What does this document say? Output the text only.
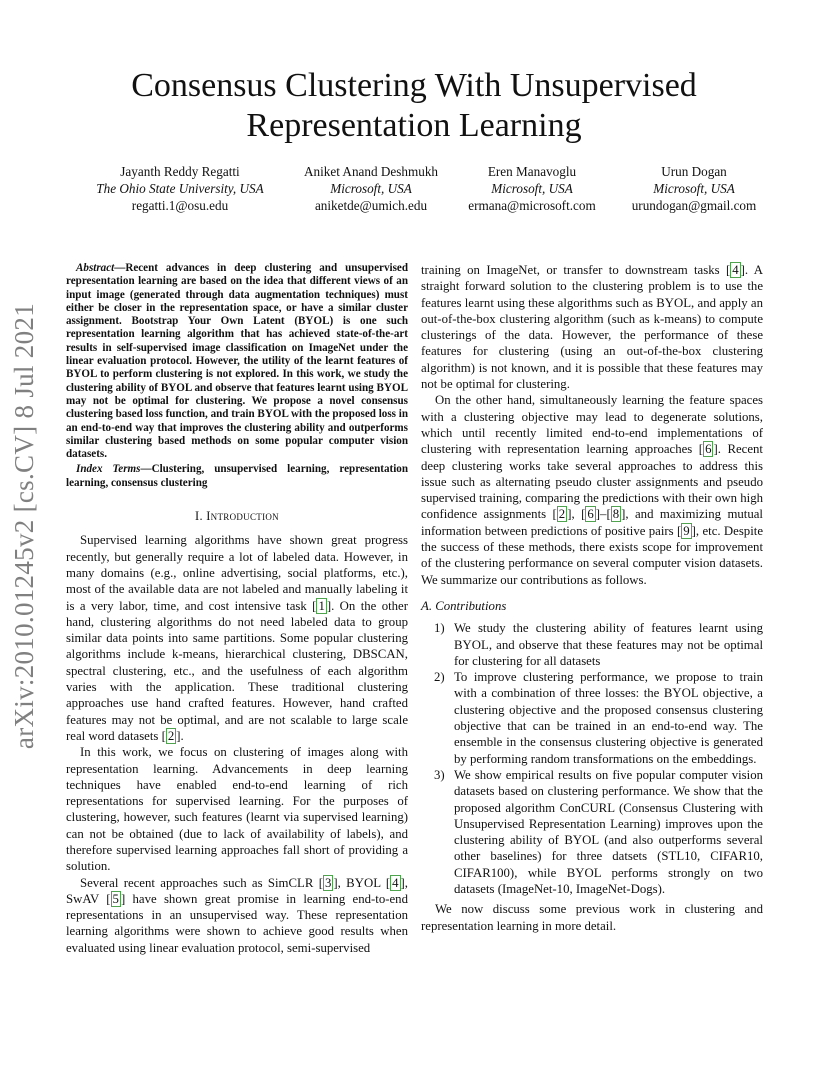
arXiv:2010.01245v2 [cs.CV] 8 Jul 2021
Consensus Clustering With Unsupervised
Representation Learning
Jayanth Reddy Regatti
The Ohio State University, USA
regatti.1@osu.edu
Aniket Anand Deshmukh
Microsoft, USA
aniketde@umich.edu
Eren Manavoglu
Microsoft, USA
ermana@microsoft.com
Urun Dogan
Microsoft, USA
urundogan@gmail.com

Abstract—Recent advances in deep clustering and unsupervised representation learning are based on the idea that different views of an input image (generated through data augmentation techniques) must either be closer in the representation space, or have a similar cluster assignment. Bootstrap Your Own Latent (BYOL) is one such representation learning algorithm that has achieved state-of-the-art results in self-supervised image classification on ImageNet under the linear evaluation protocol. However, the utility of the learnt features of BYOL to perform clustering is not explored. In this work, we study the clustering ability of BYOL and observe that features learnt using BYOL may not be optimal for clustering. We propose a novel consensus clustering based loss function, and train BYOL with the proposed loss in an end-to-end way that improves the clustering ability and outperforms similar clustering based methods on some popular computer vision datasets.

Index Terms—Clustering, unsupervised learning, representation learning, consensus clustering

I. Introduction

Supervised learning algorithms have shown great progress recently, but generally require a lot of labeled data. However, in many domains (e.g., online advertising, social platforms, etc.), most of the available data are not labeled and manually labeling it is a very labor, time, and cost intensive task [ 1 ]. On the other hand, clustering algorithms do not need labeled data to group similar data points into same partitions. Some popular clustering algorithms include k-means, hierarchical clustering, DBSCAN, spectral clustering, etc., and the usefulness of each algorithm varies with the application. These traditional clustering approaches use hand crafted features. However, hand crafted features may not be optimal, and are not scalable to large scale real word datasets [ 2 ].

In this work, we focus on clustering of images along with representation learning. Advancements in deep learning techniques have enabled end-to-end learning of rich representations for supervised learning. For the purposes of clustering, however, such features (learnt via supervised learning) can not be obtained (due to lack of availability of labels), and therefore supervised learning approaches fall short of providing a solution.

Several recent approaches such as SimCLR [ 3 ], BYOL [ 4 ], SwAV [ 5 ] have shown great promise in learning end-to-end representations in an unsupervised way. These representation learning algorithms were shown to achieve good results when evaluated using linear evaluation protocol, semi-supervised

training on ImageNet, or transfer to downstream tasks [ 4 ]. A straight forward solution to the clustering problem is to use the features learnt using these algorithms such as BYOL, and apply an out-of-the-box clustering algorithm (such as k-means) to compute clusterings of the data. However, the performance of these features for clustering (using an out-of-the-box clustering algorithm) is not known, and it is possible that these features may not be optimal for clustering.

On the other hand, simultaneously learning the feature spaces with a clustering objective may lead to degenerate solutions, which until recently limited end-to-end implementations of clustering with representation learning approaches [ 6 ]. Recent deep clustering works take several approaches to address this issue such as alternating pseudo cluster assignments and pseudo supervised training, comparing the predictions with their own high confidence assignments [ 2 ], [ 6 ]–[ 8 ], and maximizing mutual information between predictions of positive pairs [ 9 ], etc. Despite the success of these methods, there exists scope for improvement of the clustering performance on several computer vision datasets. We summarize our contributions as follows.

A. Contributions

1) We study the clustering ability of features learnt using BYOL, and observe that these features may not be optimal for clustering for all datasets
2) To improve clustering performance, we propose to train with a combination of three losses: the BYOL objective, a clustering objective and the proposed consensus clustering objective that can be trained in an end-to-end way. The ensemble in the consensus clustering objective is generated by performing random transformations on the embeddings.
3) We show empirical results on five popular computer vision datasets based on clustering performance. We show that the proposed algorithm ConCURL (Consensus Clustering with Unsupervised Representation Learning) improves upon the clustering ability of BYOL (and also outperforms several other baselines) for three datsets (STL10, CIFAR10, CIFAR100), while BYOL performs strongly on two datasets (ImageNet-10, ImageNet-Dogs).

We now discuss some previous work in clustering and representation learning in more detail.
